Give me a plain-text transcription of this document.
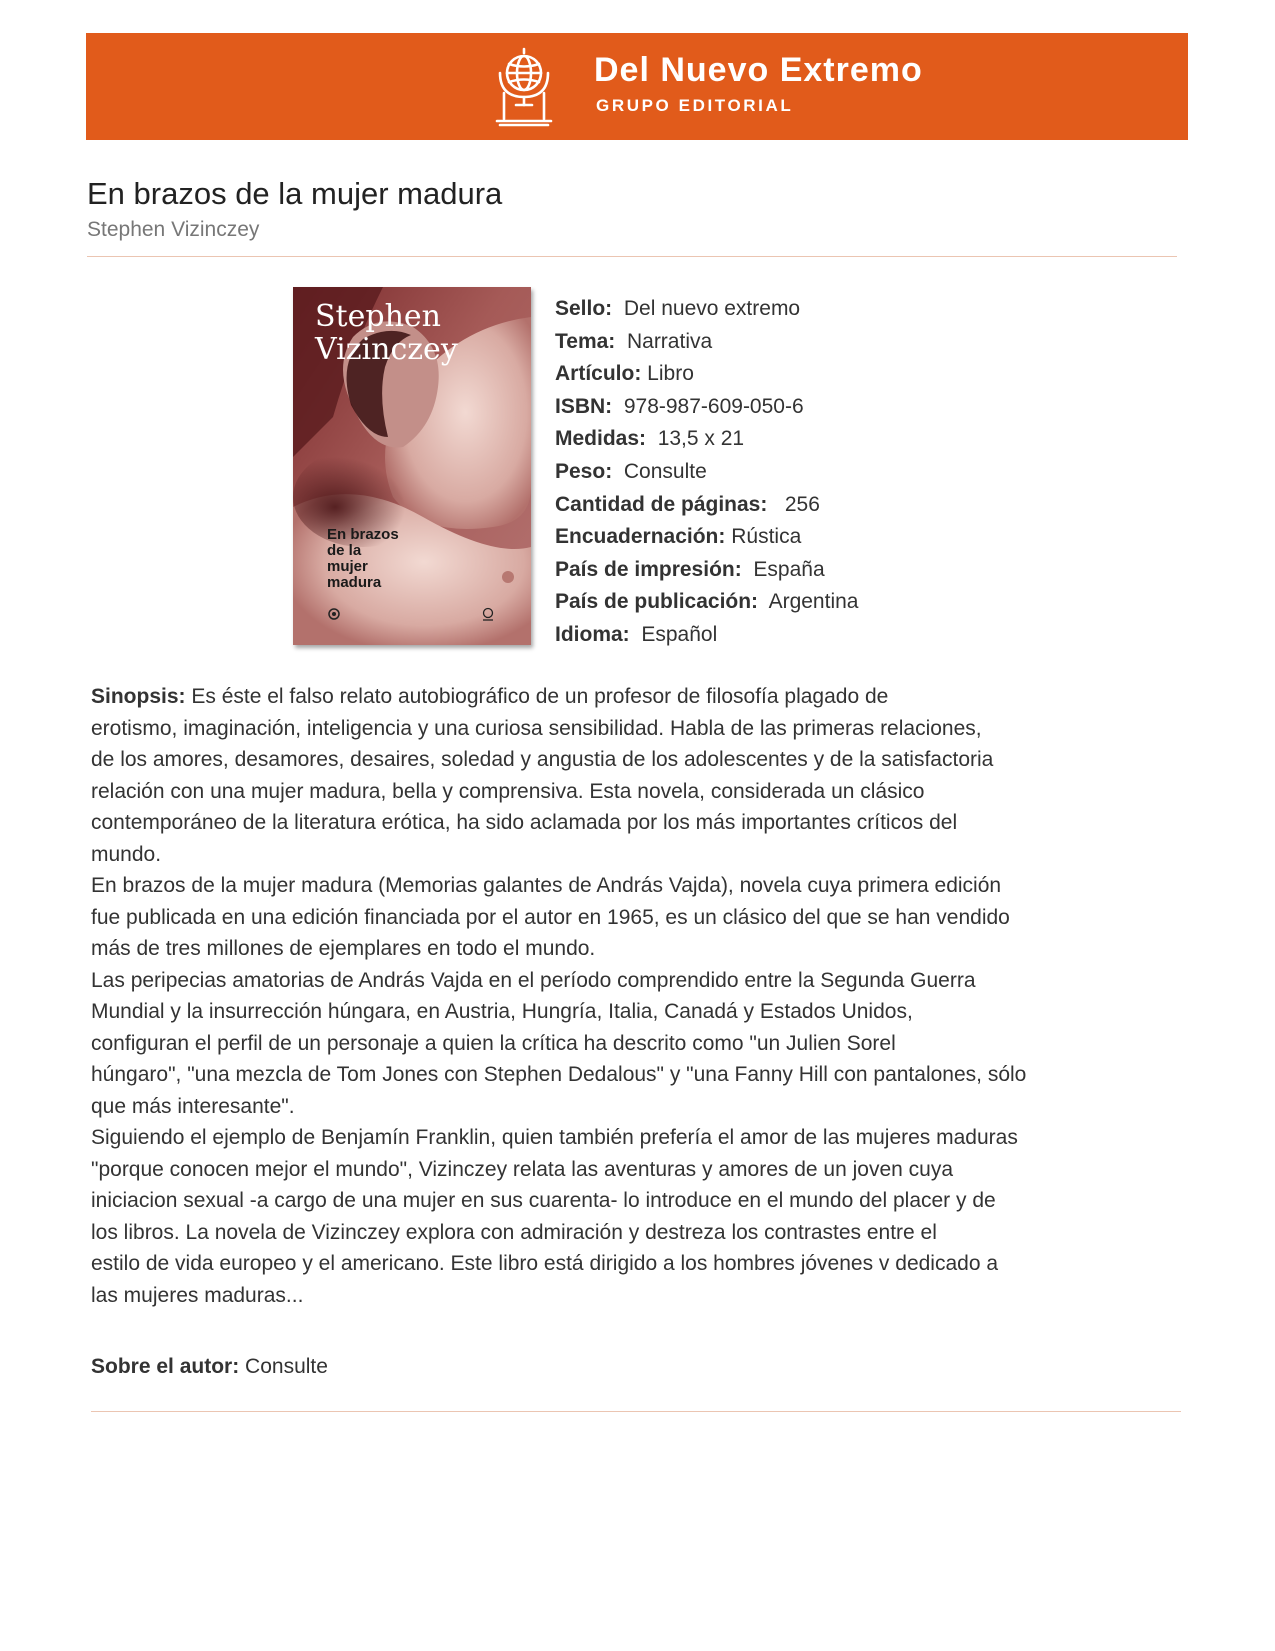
Del Nuevo Extremo
GRUPO EDITORIAL
En brazos de la mujer madura
Stephen Vizinczey
Stephen
Vizinczey
En brazos
de la
mujer
madura
Sello: Del nuevo extremo
Tema: Narrativa
Artículo: Libro
ISBN: 978-987-609-050-6
Medidas: 13,5 x 21
Peso: Consulte
Cantidad de páginas: 256
Encuadernación: Rústica
País de impresión: España
País de publicación: Argentina
Idioma: Español
Sinopsis: Es éste el falso relato autobiográfico de un profesor de filosofía plagado de
erotismo, imaginación, inteligencia y una curiosa sensibilidad. Habla de las primeras relaciones,
de los amores, desamores, desaires, soledad y angustia de los adolescentes y de la satisfactoria
relación con una mujer madura, bella y comprensiva. Esta novela, considerada un clásico
contemporáneo de la literatura erótica, ha sido aclamada por los más importantes críticos del
mundo.
En brazos de la mujer madura (Memorias galantes de András Vajda), novela cuya primera edición
fue publicada en una edición financiada por el autor en 1965, es un clásico del que se han vendido
más de tres millones de ejemplares en todo el mundo.
Las peripecias amatorias de András Vajda en el período comprendido entre la Segunda Guerra
Mundial y la insurrección húngara, en Austria, Hungría, Italia, Canadá y Estados Unidos,
configuran el perfil de un personaje a quien la crítica ha descrito como "un Julien Sorel
húngaro", "una mezcla de Tom Jones con Stephen Dedalous" y "una Fanny Hill con pantalones, sólo
que más interesante".
Siguiendo el ejemplo de Benjamín Franklin, quien también prefería el amor de las mujeres maduras
"porque conocen mejor el mundo", Vizinczey relata las aventuras y amores de un joven cuya
iniciacion sexual -a cargo de una mujer en sus cuarenta- lo introduce en el mundo del placer y de
los libros. La novela de Vizinczey explora con admiración y destreza los contrastes entre el
estilo de vida europeo y el americano. Este libro está dirigido a los hombres jóvenes v dedicado a
las mujeres maduras...
Sobre el autor: Consulte
